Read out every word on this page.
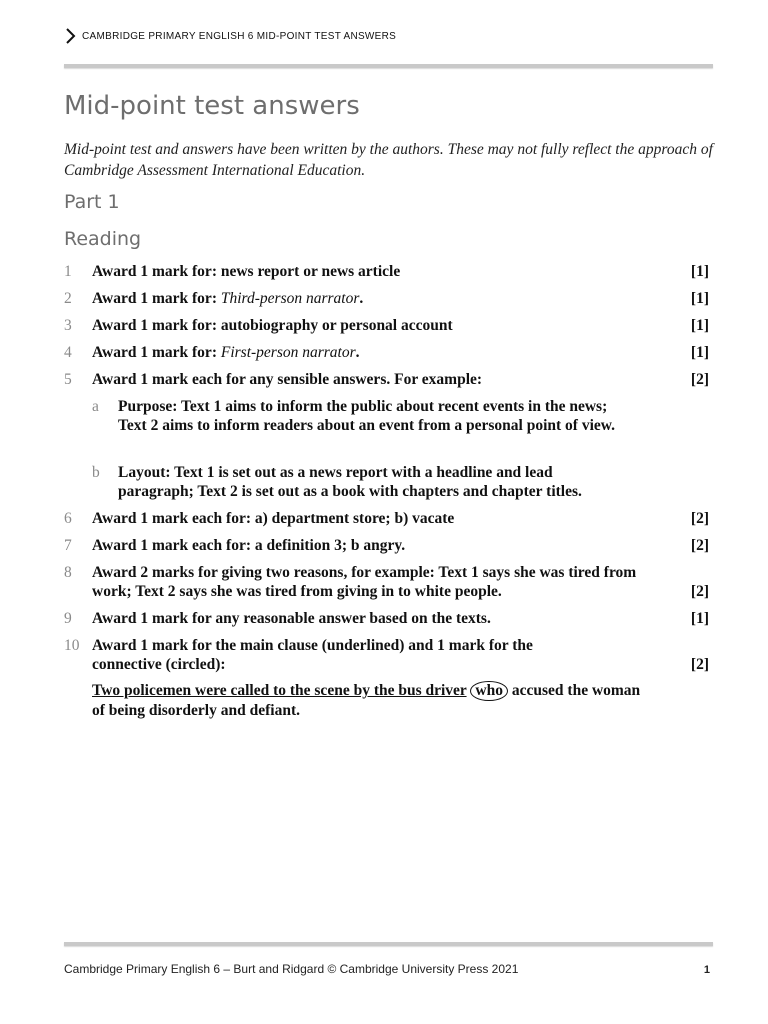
CAMBRIDGE PRIMARY ENGLISH 6 MID-POINT TEST ANSWERS
Mid-point test answers

Mid-point test and answers have been written by the authors. These may not fully reflect the approach of Cambridge Assessment International Education.

Part 1
Reading
1 Award 1 mark for: news report or news article	[1]
2 Award 1 mark for: Third-person narrator.	[1]
3 Award 1 mark for: autobiography or personal account	[1]
4 Award 1 mark for: First-person narrator.	[1]
5 Award 1 mark each for any sensible answers. For example:	[2]
a Purpose: Text 1 aims to inform the public about recent events in the news; Text 2 aims to inform readers about an event from a personal point of view.
b Layout: Text 1 is set out as a news report with a headline and lead paragraph; Text 2 is set out as a book with chapters and chapter titles.
6 Award 1 mark each for: a) department store; b) vacate	[2]
7 Award 1 mark each for: a definition 3; b angry.	[2]
8 Award 2 marks for giving two reasons, for example: Text 1 says she was tired from work; Text 2 says she was tired from giving in to white people.	[2]
9 Award 1 mark for any reasonable answer based on the texts.	[1]
10 Award 1 mark for the main clause (underlined) and 1 mark for the connective (circled):	[2]
Two policemen were called to the scene by the bus driver who accused the woman of being disorderly and defiant.
Cambridge Primary English 6 – Burt and Ridgard © Cambridge University Press 2021	1
